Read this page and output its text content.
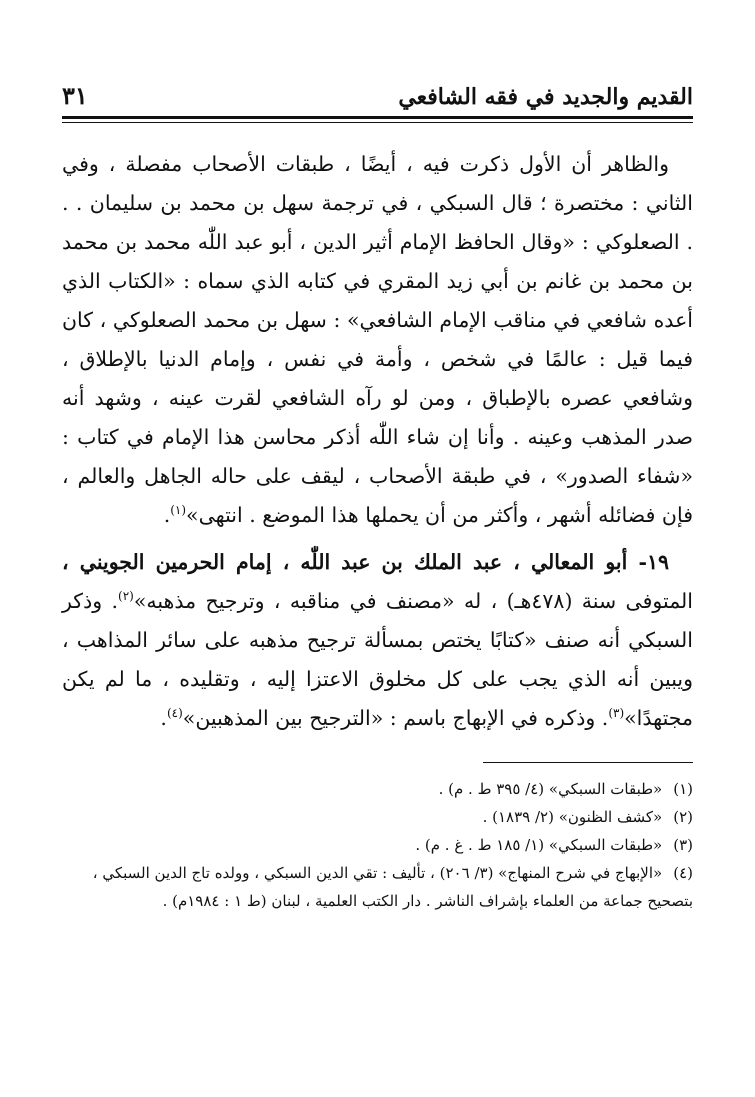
القديم والجديد في فقه الشافعي
٣١

والظاهر أن الأول ذكرت فيه ، أيضًا ، طبقات الأصحاب مفصلة ، وفي الثاني : مختصرة ؛ قال السبكي ، في ترجمة سهل بن محمد بن سليمان . . . الصعلوكي : «وقال الحافظ الإمام أثير الدين ، أبو عبد اللّٰه محمد بن محمد بن محمد بن غانم بن أبي زيد المقري في كتابه الذي سماه : «الكتاب الذي أعده شافعي في مناقب الإمام الشافعي» : سهل بن محمد الصعلوكي ، كان فيما قيل : عالمًا في شخص ، وأمة في نفس ، وإمام الدنيا بالإطلاق ، وشافعي عصره بالإطباق ، ومن لو رآه الشافعي لقرت عينه ، وشهد أنه صدر المذهب وعينه . وأنا إن شاء اللّٰه أذكر محاسن هذا الإمام في كتاب : «شفاء الصدور» ، في طبقة الأصحاب ، ليقف على حاله الجاهل والعالم ، فإن فضائله أشهر ، وأكثر من أن يحملها هذا الموضع . انتهى»$^{(١)}$.

١٩- أبو المعالي ، عبد الملك بن عبد اللّٰه ، إمام الحرمين الجويني ، المتوفى سنة (٤٧٨هـ) ، له «مصنف في مناقبه ، وترجيح مذهبه»$^{(٢)}$. وذكر السبكي أنه صنف «كتابًا يختص بمسألة ترجيح مذهبه على سائر المذاهب ، ويبين أنه الذي يجب على كل مخلوق الاعتزا إليه ، وتقليده ، ما لم يكن مجتهدًا»$^{(٣)}$. وذكره في الإبهاج باسم : «الترجيح بين المذهبين»$^{(٤)}$.

(١) «طبقات السبكي» (٤/ ٣٩٥ ط . م) .

(٢) «كشف الظنون» (٢/ ١٨٣٩) .

(٣) «طبقات السبكي» (١/ ١٨٥ ط . غ . م) .

(٤) «الإبهاج في شرح المنهاج» (٣/ ٢٠٦) ، تأليف : تقي الدين السبكي ، وولده تاج الدين السبكي ، بتصحيح جماعة من العلماء بإشراف الناشر . دار الكتب العلمية ، لبنان (ط ١ : ١٩٨٤م) .
